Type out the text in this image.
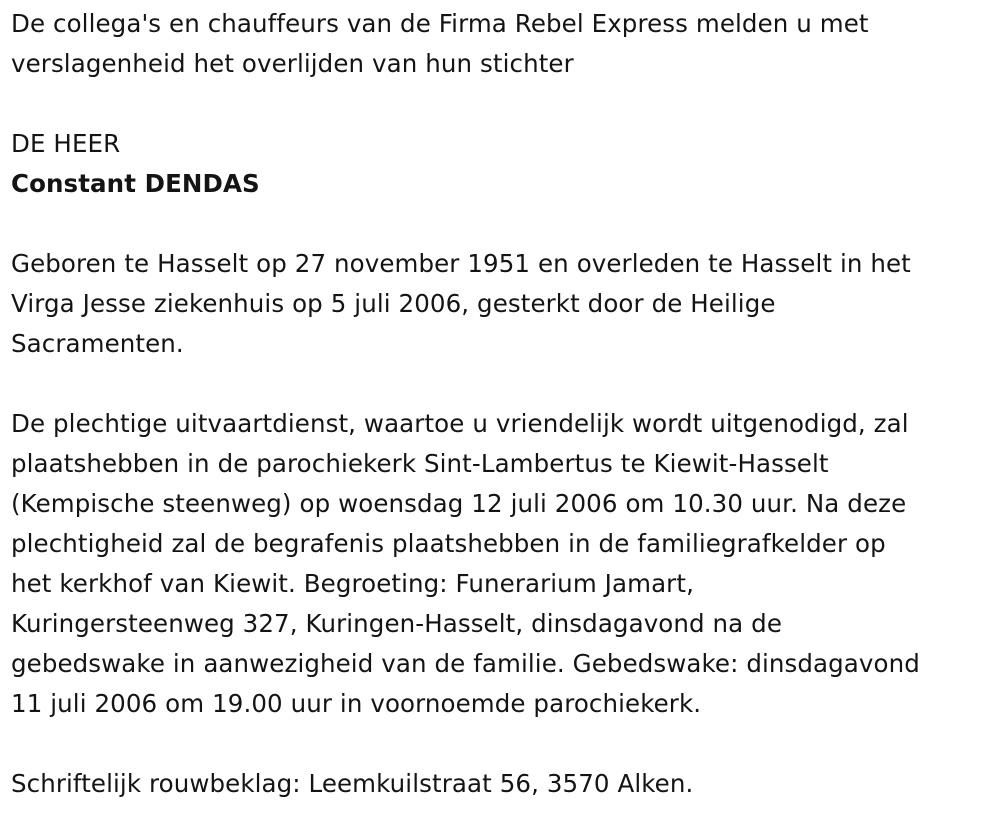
De collega's en chauffeurs van de Firma Rebel Express melden u met
verslagenheid het overlijden van hun stichter

DE HEER

Constant DENDAS

Geboren te Hasselt op 27 november 1951 en overleden te Hasselt in het
Virga Jesse ziekenhuis op 5 juli 2006, gesterkt door de Heilige
Sacramenten.

De plechtige uitvaartdienst, waartoe u vriendelijk wordt uitgenodigd, zal
plaatshebben in de parochiekerk Sint-Lambertus te Kiewit-Hasselt
(Kempische steenweg) op woensdag 12 juli 2006 om 10.30 uur. Na deze
plechtigheid zal de begrafenis plaatshebben in de familiegrafkelder op
het kerkhof van Kiewit. Begroeting: Funerarium Jamart,
Kuringersteenweg 327, Kuringen-Hasselt, dinsdagavond na de
gebedswake in aanwezigheid van de familie. Gebedswake: dinsdagavond
11 juli 2006 om 19.00 uur in voornoemde parochiekerk.

Schriftelijk rouwbeklag: Leemkuilstraat 56, 3570 Alken.
